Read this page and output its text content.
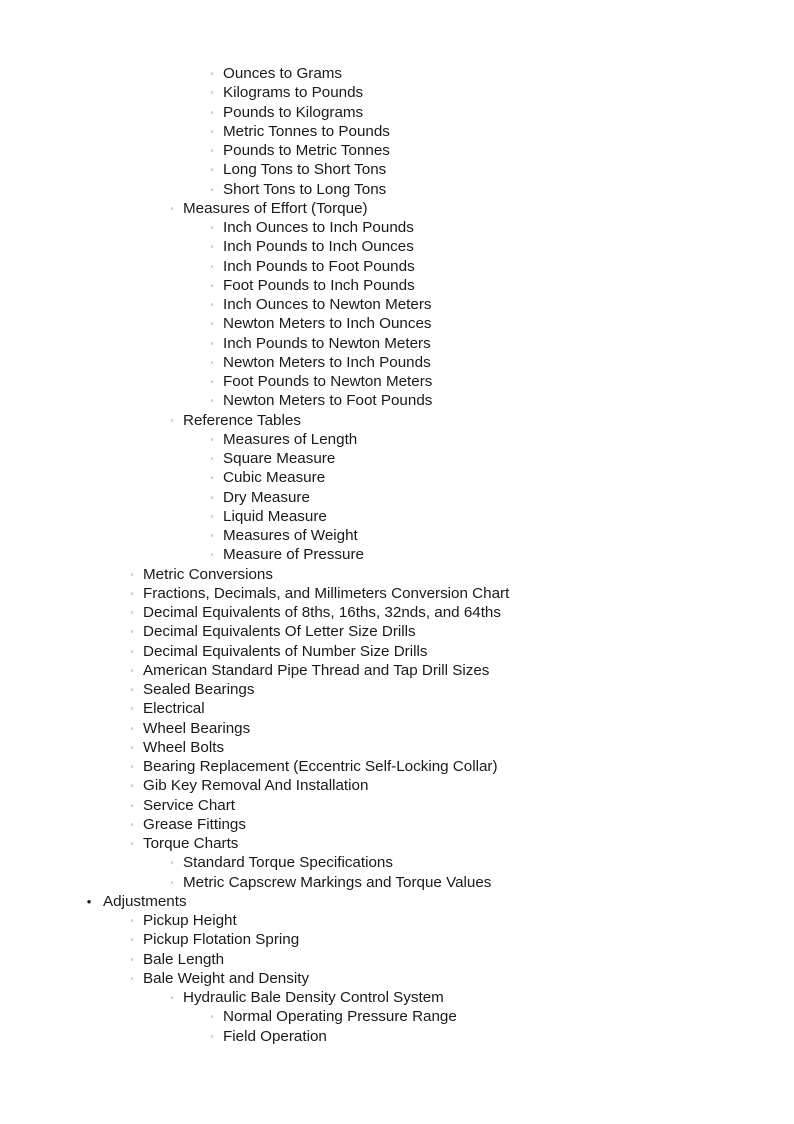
◦ Ounces to Grams
◦ Kilograms to Pounds
◦ Pounds to Kilograms
◦ Metric Tonnes to Pounds
◦ Pounds to Metric Tonnes
◦ Long Tons to Short Tons
◦ Short Tons to Long Tons
◦ Measures of Effort (Torque)
◦ Inch Ounces to Inch Pounds
◦ Inch Pounds to Inch Ounces
◦ Inch Pounds to Foot Pounds
◦ Foot Pounds to Inch Pounds
◦ Inch Ounces to Newton Meters
◦ Newton Meters to Inch Ounces
◦ Inch Pounds to Newton Meters
◦ Newton Meters to Inch Pounds
◦ Foot Pounds to Newton Meters
◦ Newton Meters to Foot Pounds
◦ Reference Tables
◦ Measures of Length
◦ Square Measure
◦ Cubic Measure
◦ Dry Measure
◦ Liquid Measure
◦ Measures of Weight
◦ Measure of Pressure
◦ Metric Conversions
◦ Fractions, Decimals, and Millimeters Conversion Chart
◦ Decimal Equivalents of 8ths, 16ths, 32nds, and 64ths
◦ Decimal Equivalents Of Letter Size Drills
◦ Decimal Equivalents of Number Size Drills
◦ American Standard Pipe Thread and Tap Drill Sizes
◦ Sealed Bearings
◦ Electrical
◦ Wheel Bearings
◦ Wheel Bolts
◦ Bearing Replacement (Eccentric Self-Locking Collar)
◦ Gib Key Removal And Installation
◦ Service Chart
◦ Grease Fittings
◦ Torque Charts
◦ Standard Torque Specifications
◦ Metric Capscrew Markings and Torque Values
• Adjustments
◦ Pickup Height
◦ Pickup Flotation Spring
◦ Bale Length
◦ Bale Weight and Density
◦ Hydraulic Bale Density Control System
◦ Normal Operating Pressure Range
◦ Field Operation
